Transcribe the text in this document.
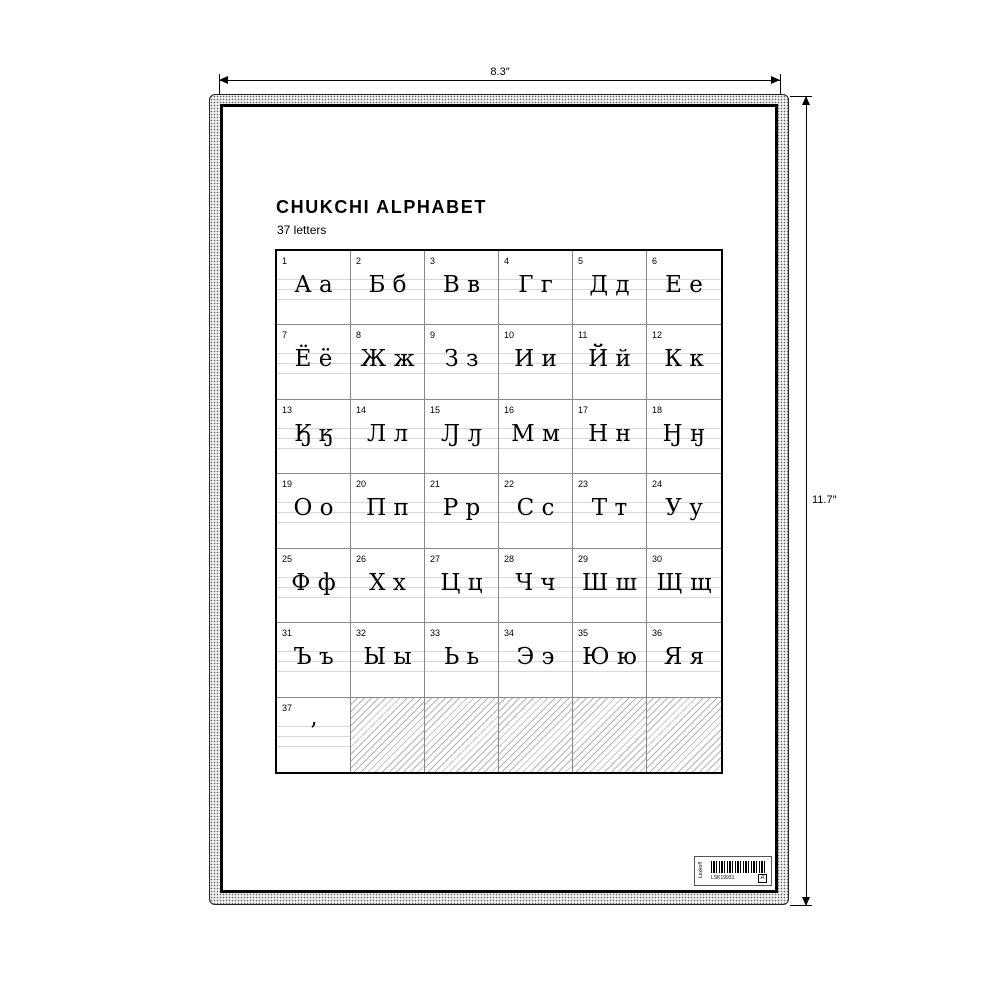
8.3″
11.7″
CHUKCHI ALPHABET
37 letters
1
А а
2
Б б
3
В в
4
Г г
5
Д д
6
Е е
7
Ё ё
8
Ж ж
9
З з
10
И и
11
Й й
12
К к
13
Ӄ ӄ
14
Л л
15
Ԓ ԓ
16
М м
17
Н н
18
Ӈ ӈ
19
О о
20
П п
21
Р р
22
С с
23
Т т
24
У у
25
Ф ф
26
Х х
27
Ц ц
28
Ч ч
29
Ш ш
30
Щ щ
31
Ъ ъ
32
Ы ы
33
Ь ь
34
Э э
35
Ю ю
36
Я я
37
’
Lexkoff LSK19931	A
